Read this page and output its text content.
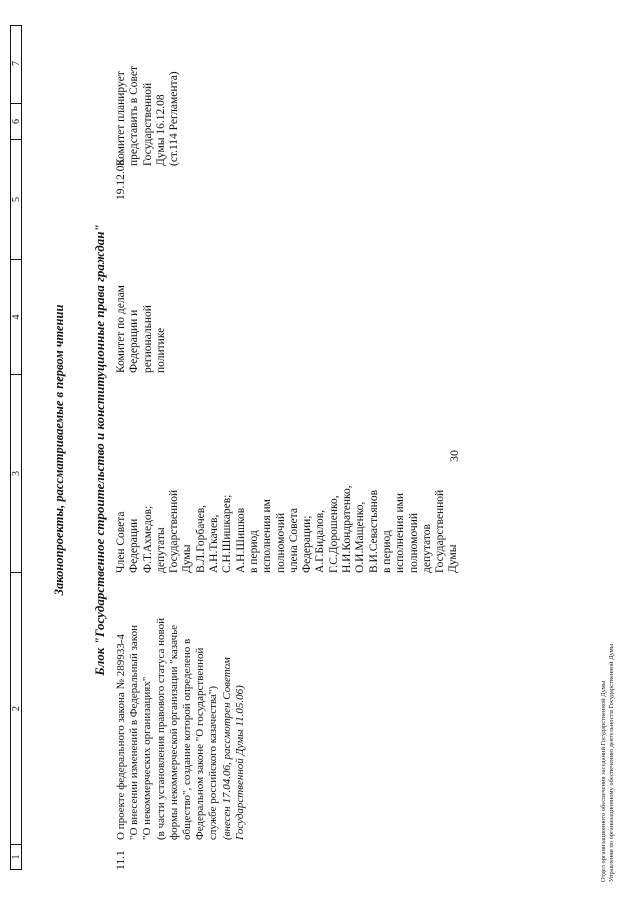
30
1
2
3
4
5
6
7
Законопроекты, рассматриваемые в первом чтении Блок "Государственное строительство и конституционные права граждан"
11.1
О проекте федерального закона № 289933-4 "О внесении изменений в Федеральный закон "О некоммерческих организациях" (в части установления правового статуса новой формы некоммерческой организации "казачье общество", создание которой определено в Федеральном законе "О государственной службе российского казачества") (внесен 17.04.06, рассмотрен Советом Государственной Думы 11.05.06)
Член Совета Федерации Ф.Т.Ахмедов; депутаты Государственной Думы В.Л.Горбачев, А.Н.Ткачев, С.Н.Шишкарев; А.Н.Шишков в период исполнения им полномочий члена Совета Федерации; А.Г.Бидалов, Г.С.Дорошенко, Н.И.Кондратенко, О.И.Мащенко, В.И.Севастьянов в период исполнения ими полномочий депутатов Государственной Думы
Комитет по делам Федерации и региональной политике
19.12.08
Комитет планирует представить в Совет Государственной Думы 16.12.08 (ст.114 Регламента)
Отдел организационного обеспечения заседаний Государственной Думы Управления по организационному обеспечению деятельности Государственной Думы
